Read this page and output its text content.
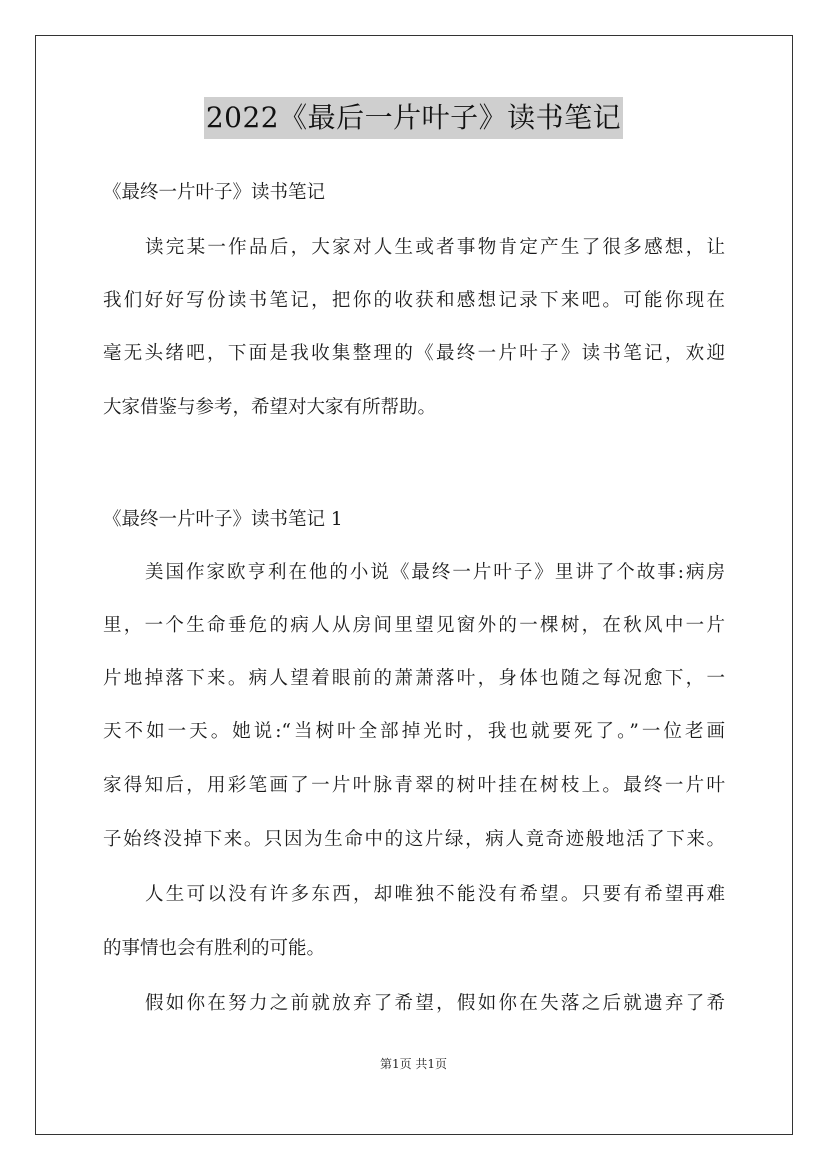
2022《最后一片叶子》读书笔记
《最终一片叶子》读书笔记
读完某一作品后，大家对人生或者事物肯定产生了很多感想，让
我们好好写份读书笔记，把你的收获和感想记录下来吧。可能你现在
毫无头绪吧，下面是我收集整理的《最终一片叶子》读书笔记，欢迎
大家借鉴与参考，希望对大家有所帮助。
《最终一片叶子》读书笔记 1
美国作家欧亨利在他的小说《最终一片叶子》里讲了个故事:病房
里，一个生命垂危的病人从房间里望见窗外的一棵树，在秋风中一片
片地掉落下来。病人望着眼前的萧萧落叶，身体也随之每况愈下，一
天不如一天。她说:“当树叶全部掉光时，我也就要死了。”一位老画
家得知后，用彩笔画了一片叶脉青翠的树叶挂在树枝上。最终一片叶
子始终没掉下来。只因为生命中的这片绿，病人竟奇迹般地活了下来。
人生可以没有许多东西，却唯独不能没有希望。只要有希望再难
的事情也会有胜利的可能。
假如你在努力之前就放弃了希望，假如你在失落之后就遗弃了希
第1页 共1页
